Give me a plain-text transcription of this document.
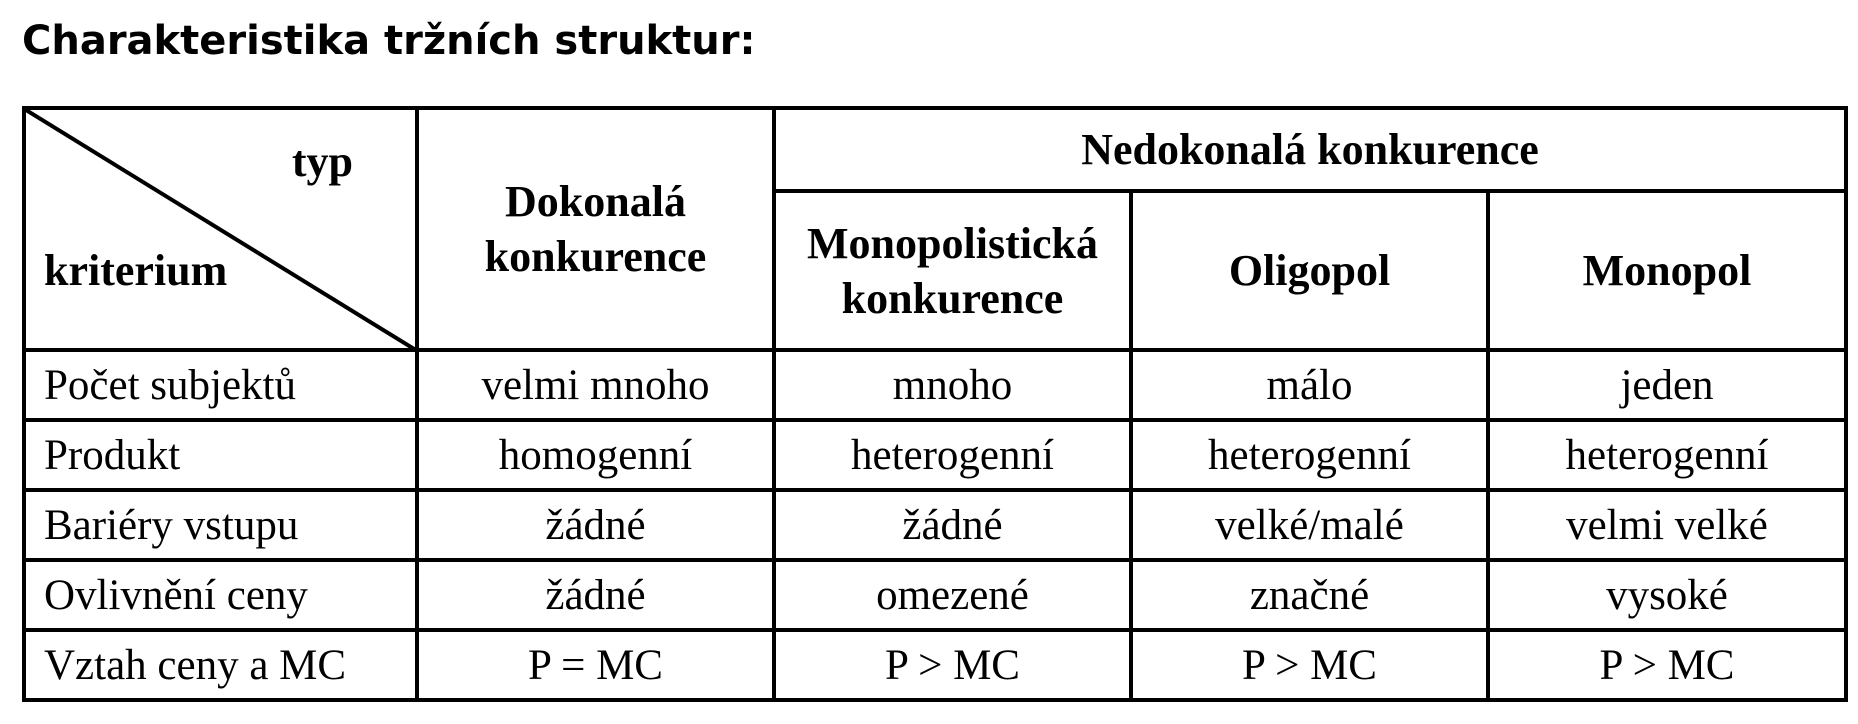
Charakteristika tržních struktur:
typ
kriterium	Dokonalá konkurence	Nedokonalá konkurence		
		Monopolistická konkurence	Oligopol	Monopol
Počet subjektů	velmi mnoho	mnoho	málo	jeden
Produkt	homogenní	heterogenní	heterogenní	heterogenní
Bariéry vstupu	žádné	žádné	velké/malé	velmi velké
Ovlivnění ceny	žádné	omezené	značné	vysoké
Vztah ceny a MC	P = MC	P > MC	P > MC	P > MC
